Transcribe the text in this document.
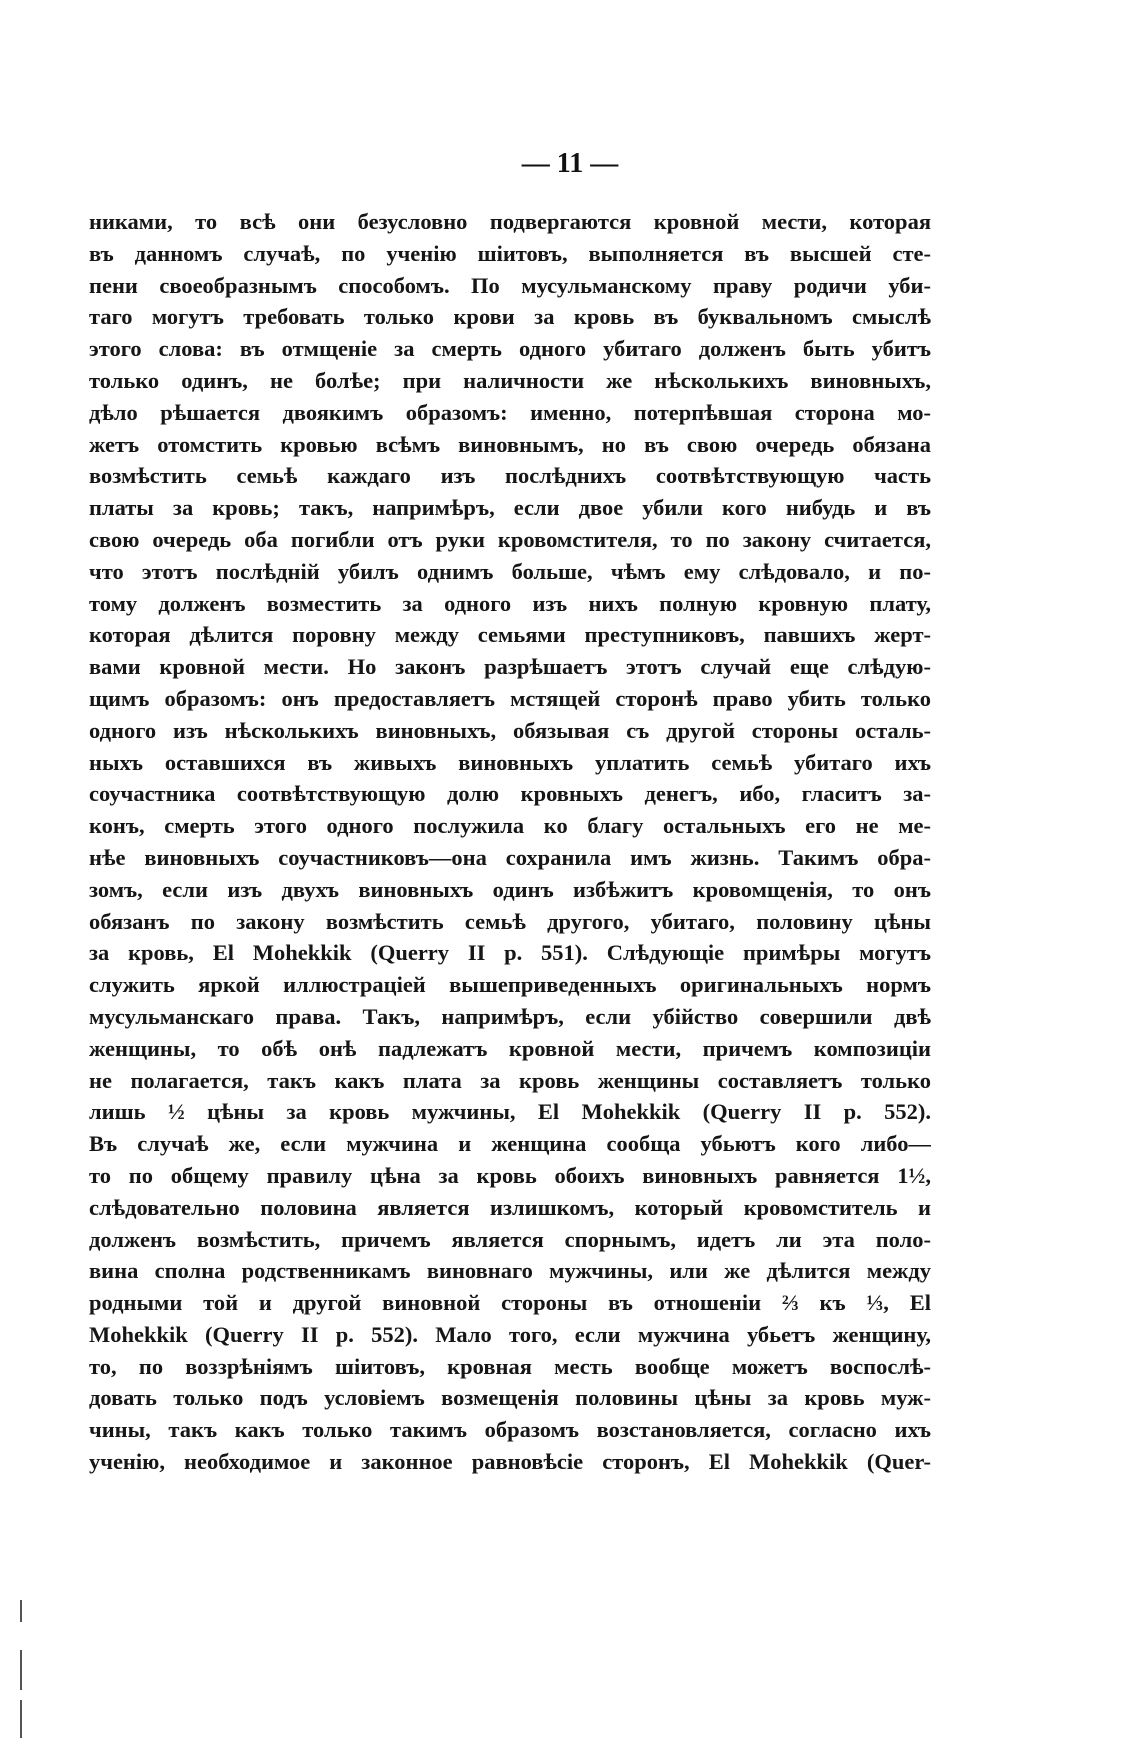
— 11 —
никами, то всѣ они безусловно подвергаются кровной мести, которая
въ данномъ случаѣ, по ученію шіитовъ, выполняется въ высшей сте-
пени своеобразнымъ способомъ. По мусульманскому праву родичи уби-
таго могутъ требовать только крови за кровь въ буквальномъ смыслѣ
этого слова: въ отмщеніе за смерть одного убитаго долженъ быть убитъ
только одинъ, не болѣе; при наличности же нѣсколькихъ виновныхъ,
дѣло рѣшается двоякимъ образомъ: именно, потерпѣвшая сторона мо-
жетъ отомстить кровью всѣмъ виновнымъ, но въ свою очередь обязана
возмѣстить семьѣ каждаго изъ послѣднихъ соотвѣтствующую часть
платы за кровь; такъ, напримѣръ, если двое убили кого нибудь и въ
свою очередь оба погибли отъ руки кровомстителя, то по закону считается,
что этотъ послѣдній убилъ однимъ больше, чѣмъ ему слѣдовало, и по-
тому долженъ возместить за одного изъ нихъ полную кровную плату,
которая дѣлится поровну между семьями преступниковъ, павшихъ жерт-
вами кровной мести. Но законъ разрѣшаетъ этотъ случай еще слѣдую-
щимъ образомъ: онъ предоставляетъ мстящей сторонѣ право убить только
одного изъ нѣсколькихъ виновныхъ, обязывая съ другой стороны осталь-
ныхъ оставшихся въ живыхъ виновныхъ уплатить семьѣ убитаго ихъ
соучастника соотвѣтствующую долю кровныхъ денегъ, ибо, гласитъ за-
конъ, смерть этого одного послужила ко благу остальныхъ его не ме-
нѣе виновныхъ соучастниковъ—она сохранила имъ жизнь. Такимъ обра-
зомъ, если изъ двухъ виновныхъ одинъ избѣжитъ кровомщенія, то онъ
обязанъ по закону возмѣстить семьѣ другого, убитаго, половину цѣны
за кровь, El Mohekkik (Querry II p. 551). Слѣдующіе примѣры могутъ
служить яркой иллюстраціей вышеприведенныхъ оригинальныхъ нормъ
мусульманскаго права. Такъ, напримѣръ, если убійство совершили двѣ
женщины, то обѣ онѣ падлежатъ кровной мести, причемъ композиціи
не полагается, такъ какъ плата за кровь женщины составляетъ только
лишь ½ цѣны за кровь мужчины, El Mohekkik (Querry II p. 552).
Въ случаѣ же, если мужчина и женщина сообща убьютъ кого либо—
то по общему правилу цѣна за кровь обоихъ виновныхъ равняется 1½,
слѣдовательно половина является излишкомъ, который кровомститель и
долженъ возмѣстить, причемъ является спорнымъ, идетъ ли эта поло-
вина сполна родственникамъ виновнаго мужчины, или же дѣлится между
родными той и другой виновной стороны въ отношеніи ⅔ къ ⅓, El
Mohekkik (Querry II p. 552). Мало того, если мужчина убьетъ женщину,
то, по воззрѣніямъ шіитовъ, кровная месть вообще можетъ воспослѣ-
довать только подъ условіемъ возмещенія половины цѣны за кровь муж-
чины, такъ какъ только такимъ образомъ возстановляется, согласно ихъ
ученію, необходимое и законное равновѣсіе сторонъ, El Mohekkik (Quer-
